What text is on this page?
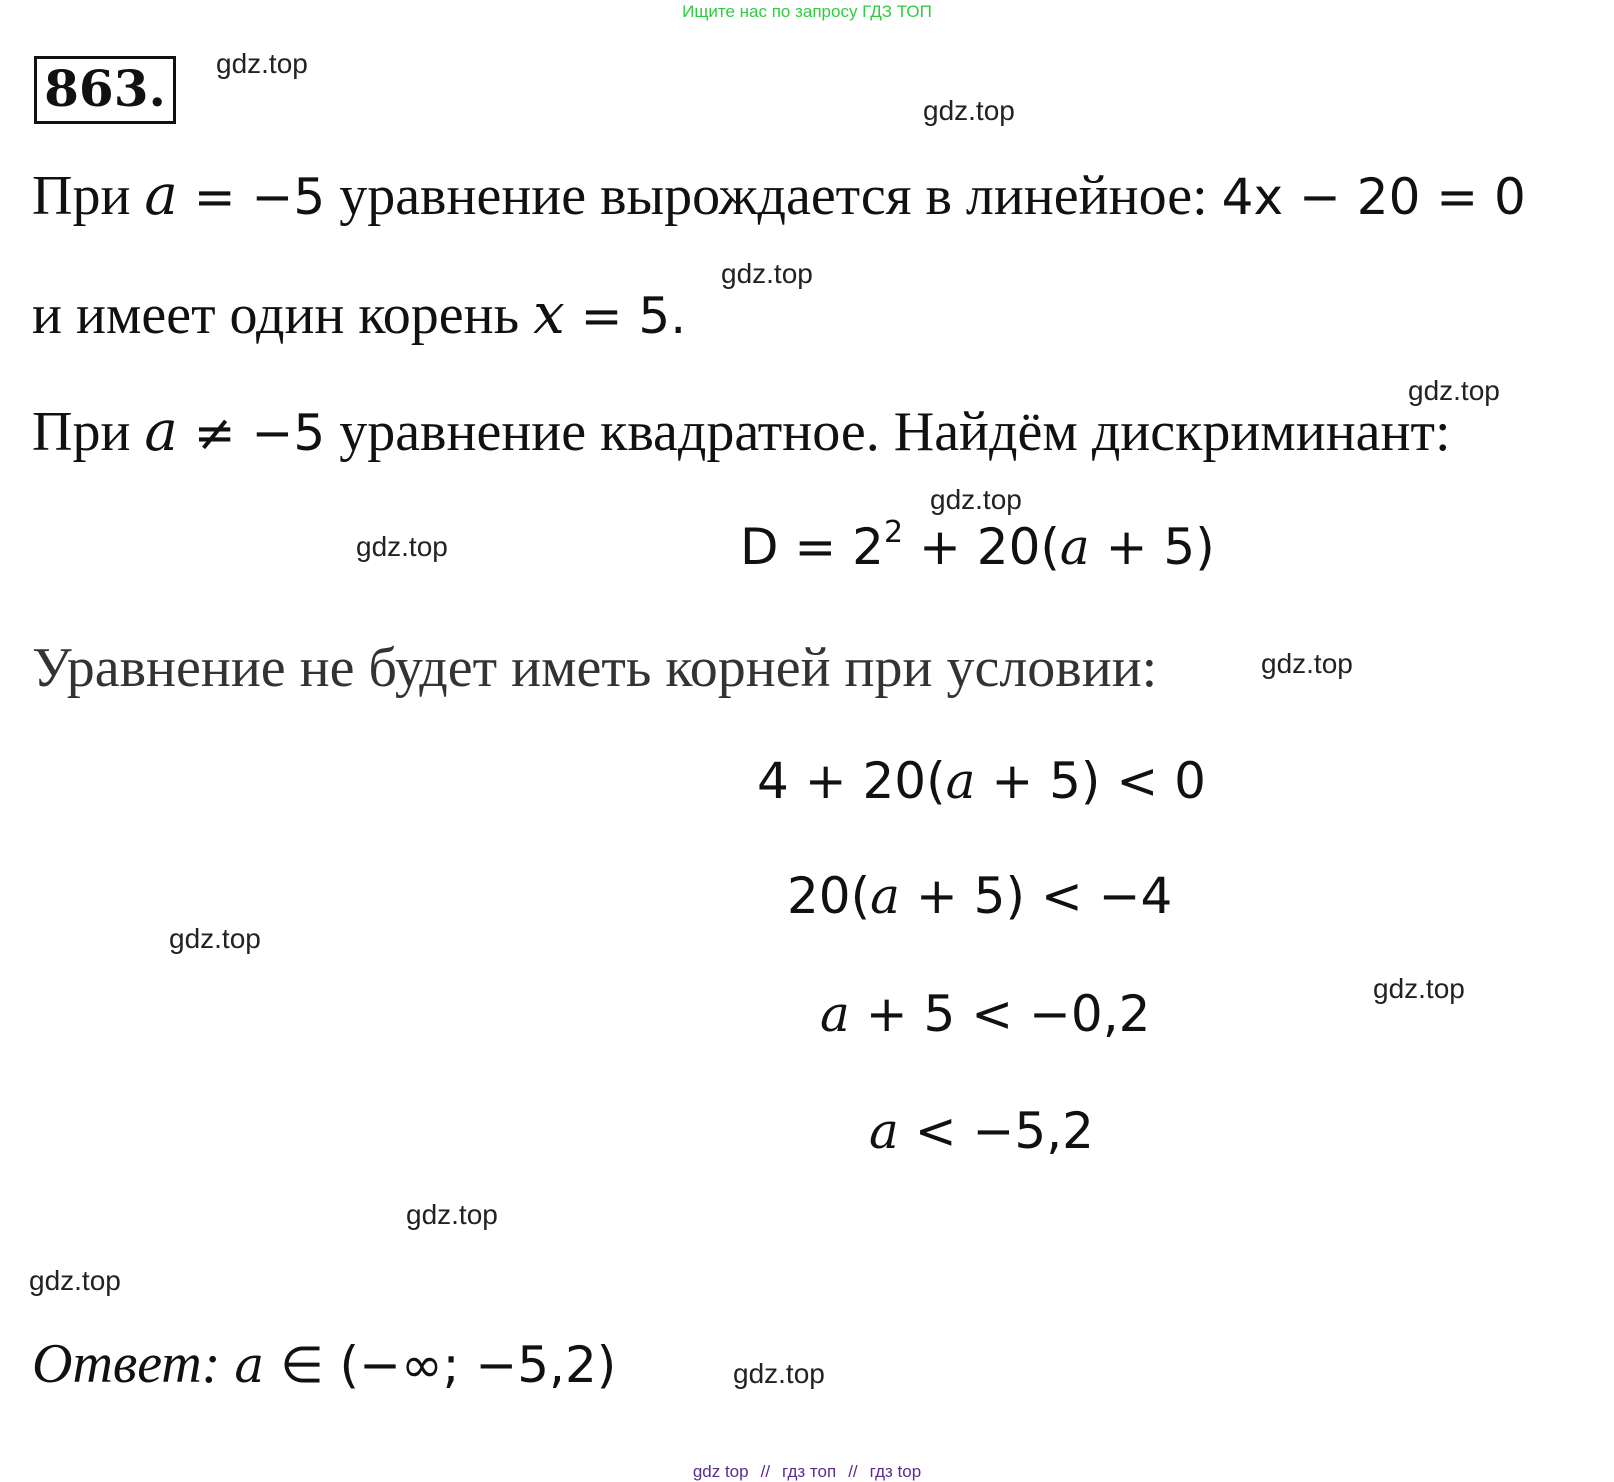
Ищите нас по запросу ГДЗ ТОП
863.	gdz.top
gdz.top
gdz.top
gdz.top
gdz.top
gdz.top
gdz.top
gdz.top
gdz.top
gdz.top
gdz.top
gdz.top
При a = −5 уравнение вырождается в линейное: 4x − 20 = 0
и имеет один корень x = 5.
При a ≠ −5 уравнение квадратное. Найдём дискриминант:
$D = 2^2 + 20(a + 5)$
Уравнение не будет иметь корней при условии:
4 + 20(a + 5) < 0
20(a + 5) < −4
a + 5 < −0,2
a < −5,2
Ответ: a ∈ (−∞; −5,2)
gdz top // гдз топ // гдз top
